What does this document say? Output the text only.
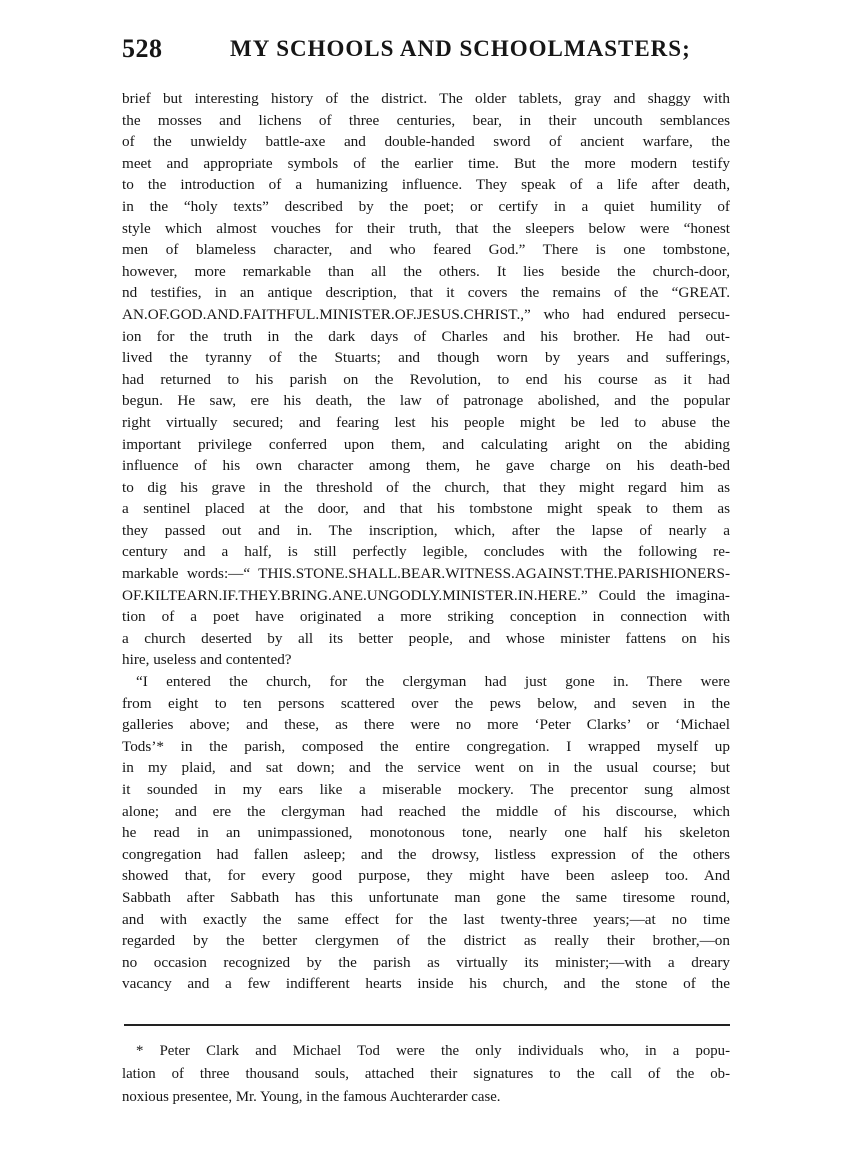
528	MY SCHOOLS AND SCHOOLMASTERS;
brief but interesting history of the district. The older tablets, gray and shaggy with
the mosses and lichens of three centuries, bear, in their uncouth semblances
of the unwieldy battle-axe and double-handed sword of ancient warfare, the
meet and appropriate symbols of the earlier time. But the more modern testify
to the introduction of a humanizing influence. They speak of a life after death,
in the “holy texts” described by the poet; or certify in a quiet humility of
style which almost vouches for their truth, that the sleepers below were “honest
men of blameless character, and who feared God.” There is one tombstone,
however, more remarkable than all the others. It lies beside the church-door,
nd testifies, in an antique description, that it covers the remains of the “GREAT.
AN.OF.GOD.AND.FAITHFUL.MINISTER.OF.JESUS.CHRIST.,” who had endured persecu-
ion for the truth in the dark days of Charles and his brother. He had out-
lived the tyranny of the Stuarts; and though worn by years and sufferings,
had returned to his parish on the Revolution, to end his course as it had
begun. He saw, ere his death, the law of patronage abolished, and the popular
right virtually secured; and fearing lest his people might be led to abuse the
important privilege conferred upon them, and calculating aright on the abiding
influence of his own character among them, he gave charge on his death-bed
to dig his grave in the threshold of the church, that they might regard him as
a sentinel placed at the door, and that his tombstone might speak to them as
they passed out and in. The inscription, which, after the lapse of nearly a
century and a half, is still perfectly legible, concludes with the following re-
markable words:—“ THIS.STONE.SHALL.BEAR.WITNESS.AGAINST.THE.PARISHIONERS-
OF.KILTEARN.IF.THEY.BRING.ANE.UNGODLY.MINISTER.IN.HERE.” Could the imagina-
tion of a poet have originated a more striking conception in connection with
a church deserted by all its better people, and whose minister fattens on his
hire, useless and contented?
“I entered the church, for the clergyman had just gone in. There were
from eight to ten persons scattered over the pews below, and seven in the
galleries above; and these, as there were no more ‘Peter Clarks’ or ‘Michael
Tods’* in the parish, composed the entire congregation. I wrapped myself up
in my plaid, and sat down; and the service went on in the usual course; but
it sounded in my ears like a miserable mockery. The precentor sung almost
alone; and ere the clergyman had reached the middle of his discourse, which
he read in an unimpassioned, monotonous tone, nearly one half his skeleton
congregation had fallen asleep; and the drowsy, listless expression of the others
showed that, for every good purpose, they might have been asleep too. And
Sabbath after Sabbath has this unfortunate man gone the same tiresome round,
and with exactly the same effect for the last twenty-three years;—at no time
regarded by the better clergymen of the district as really their brother,—on
no occasion recognized by the parish as virtually its minister;—with a dreary
vacancy and a few indifferent hearts inside his church, and the stone of the
* Peter Clark and Michael Tod were the only individuals who, in a popu-
lation of three thousand souls, attached their signatures to the call of the ob-
noxious presentee, Mr. Young, in the famous Auchterarder case.
